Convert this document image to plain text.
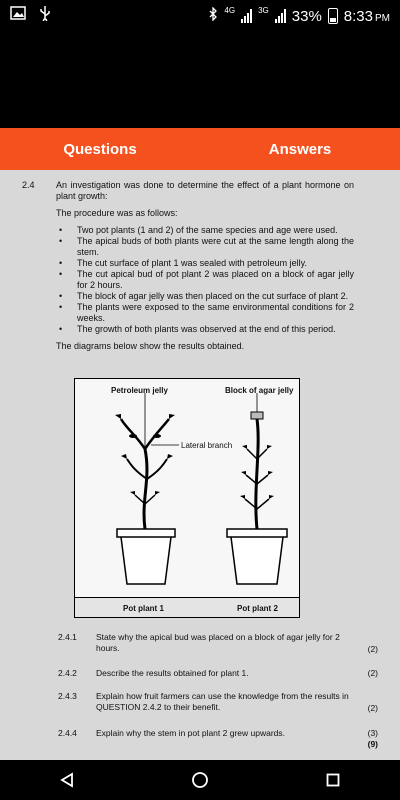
4G	3G 33% 8:33 PM
Questions	Answers
2.4 An investigation was done to determine the effect of a plant hormone on plant growth:

The procedure was as follows:

• Two pot plants (1 and 2) of the same species and age were used.
• The apical buds of both plants were cut at the same length along the stem.
• The cut surface of plant 1 was sealed with petroleum jelly.
• The cut apical bud of pot plant 2 was placed on a block of agar jelly for 2 hours.
• The block of agar jelly was then placed on the cut surface of plant 2.
• The plants were exposed to the same environmental conditions for 2 weeks.
• The growth of both plants was observed at the end of this period.

The diagrams below show the results obtained.

Petroleum jelly	Block of agar jelly
Lateral branch
Pot plant 1	Pot plant 2
2.4.1 State why the apical bud was placed on a block of agar jelly for 2 hours.	(2)
2.4.2 Describe the results obtained for plant 1.	(2)
2.4.3 Explain how fruit farmers can use the knowledge from the results in QUESTION 2.4.2 to their benefit.	(2)
2.4.4 Explain why the stem in pot plant 2 grew upwards.	(3)
(9)
